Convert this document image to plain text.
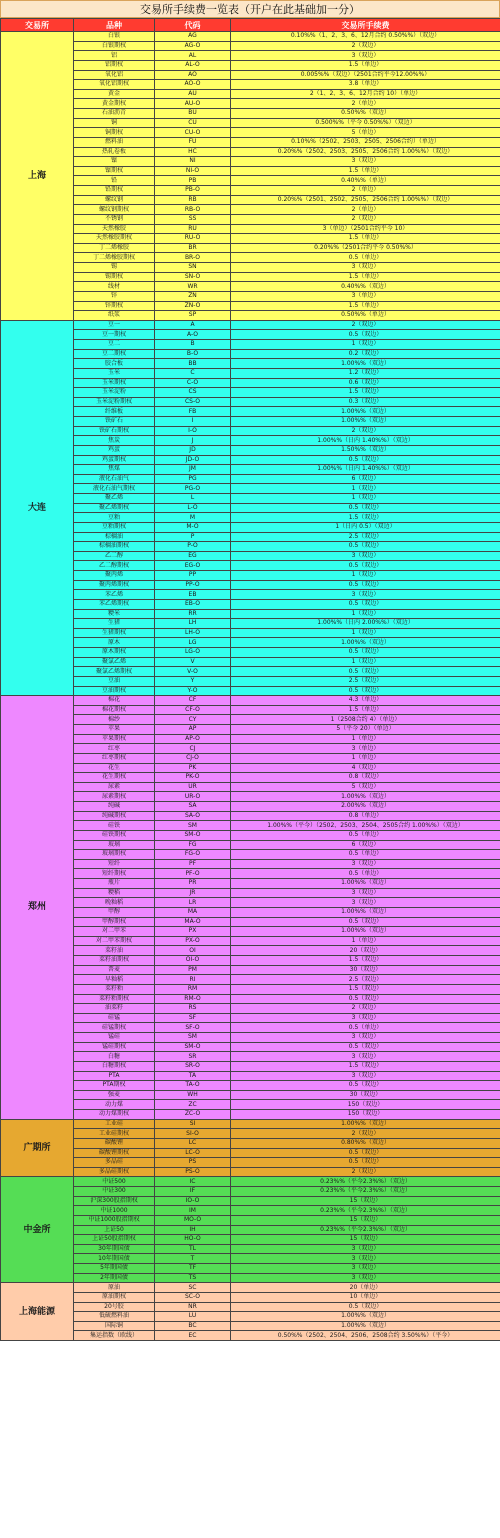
交易所手续费一览表（开户在此基础加一分）
交易所	品种	代码	交易所手续费
上海	白银	AG	0.10%%（1、2、3、6、12月合约 0.50%%）（双边）
	白银期权	AG-O	2（双边）
	铝	AL	3（双边）
	铝期权	AL-O	1.5（单边）
	氧化铝	AO	0.005%%（双边）（2501合约平今12.00%%）
	氧化铝期权	AO-O	3.8（单边）
	黄金	AU	2（1、2、3、6、12月合约 10）（单边）
	黄金期权	AU-O	2（单边）
	石油沥青	BU	0.50%%（双边）
	铜	CU	0.500%%（平今 0.50%%）（双边）
	铜期权	CU-O	5（单边）
	燃料油	FU	0.10%%（2502、2503、2505、2506合约）（单边）
	热轧卷板	HC	0.20%%（2502、2503、2505、2506合约 1.00%%）（双边）
	镍	NI	3（双边）
	镍期权	NI-O	1.5（单边）
	铅	PB	0.40%%（单边）
	铅期权	PB-O	2（单边）
	螺纹钢	RB	0.20%%（2501、2502、2505、2506合约 1.00%%）（双边）
	螺纹钢期权	RB-O	2（单边）
	不锈钢	SS	2（双边）
	天然橡胶	RU	3（单边）（2501合约平今 10）
	天然橡胶期权	RU-O	1.5（单边）
	丁二烯橡胶	BR	0.20%%（2501合约平今 0.50%%）
	丁二烯橡胶期权	BR-O	0.5（单边）
	锡	SN	3（双边）
	锡期权	SN-O	1.5（单边）
	线材	WR	0.40%%（双边）
	锌	ZN	3（单边）
	锌期权	ZN-O	1.5（单边）
	纸浆	SP	0.50%%（单边）
大连	豆一	A	2（双边）
	豆一期权	A-O	0.5（双边）
	豆二	B	1（双边）
	豆二期权	B-O	0.2（双边）
	胶合板	BB	1.00%%（双边）
	玉米	C	1.2（双边）
	玉米期权	C-O	0.6（双边）
	玉米淀粉	CS	1.5（双边）
	玉米淀粉期权	CS-O	0.3（双边）
	纤维板	FB	1.00%%（双边）
	铁矿石	I	1.00%%（双边）
	铁矿石期权	I-O	2（双边）
	焦炭	J	1.00%%（日内 1.40%%）（双边）
	鸡蛋	JD	1.50%%（双边）
	鸡蛋期权	JD-O	0.5（双边）
	焦煤	JM	1.00%%（日内 1.40%%）（双边）
	液化石油气	PG	6（双边）
	液化石油气期权	PG-O	1（双边）
	聚乙烯	L	1（双边）
	聚乙烯期权	L-O	0.5（双边）
	豆粕	M	1.5（双边）
	豆粕期权	M-O	1（日内 0.5）（双边）
	棕榈油	P	2.5（双边）
	棕榈油期权	P-O	0.5（双边）
	乙二醇	EG	3（双边）
	乙二醇期权	EG-O	0.5（双边）
	聚丙烯	PP	1（双边）
	聚丙烯期权	PP-O	0.5（双边）
	苯乙烯	EB	3（双边）
	苯乙烯期权	EB-O	0.5（双边）
	粳米	RR	1（双边）
	生猪	LH	1.00%%（日内 2.00%%）（双边）
	生猪期权	LH-O	1（双边）
	原木	LG	1.00%%（双边）
	原木期权	LG-O	0.5（双边）
	聚氯乙烯	V	1（双边）
	聚氯乙烯期权	V-O	0.5（双边）
	豆油	Y	2.5（双边）
	豆油期权	Y-O	0.5（双边）
郑州	棉花	CF	4.3（单边）
	棉花期权	CF-O	1.5（单边）
	棉纱	CY	1（2508合约 4）（单边）
	苹果	AP	5（平今 20）（单边）
	苹果期权	AP-O	1（单边）
	红枣	CJ	3（单边）
	红枣期权	CJ-O	1（单边）
	花生	PK	4（双边）
	花生期权	PK-O	0.8（双边）
	尿素	UR	5（双边）
	尿素期权	UR-O	1.00%%（双边）
	纯碱	SA	2.00%%（双边）
	纯碱期权	SA-O	0.8（单边）
	硅铁	SM	1.00%%（平今）（2502、2503、2504、2505合约 1.00%%）（双边）
	硅铁期权	SM-O	0.5（单边）
	玻璃	FG	6（双边）
	玻璃期权	FG-O	0.5（单边）
	短纤	PF	3（双边）
	短纤期权	PF-O	0.5（单边）
	瓶片	PR	1.00%%（双边）
	粳稻	JR	3（双边）
	晚籼稻	LR	3（双边）
	甲醇	MA	1.00%%（双边）
	甲醇期权	MA-O	0.5（双边）
	对二甲苯	PX	1.00%%（双边）
	对二甲苯期权	PX-O	1（单边）
	菜籽油	OI	20（双边）
	菜籽油期权	OI-O	1.5（双边）
	普麦	PM	30（双边）
	早籼稻	RI	2.5（双边）
	菜籽粕	RM	1.5（双边）
	菜籽粕期权	RM-O	0.5（双边）
	油菜籽	RS	2（双边）
	硅锰	SF	3（双边）
	硅锰期权	SF-O	0.5（单边）
	锰硅	SM	3（双边）
	锰硅期权	SM-O	0.5（双边）
	白糖	SR	3（双边）
	白糖期权	SR-O	1.5（双边）
	PTA	TA	3（双边）
	PTA期权	TA-O	0.5（双边）
	强麦	WH	30（双边）
	动力煤	ZC	150（双边）
	动力煤期权	ZC-O	150（双边）
广期所	工业硅	SI	1.00%%（双边）
	工业硅期权	SI-O	2（双边）
	碳酸锂	LC	0.80%%（双边）
	碳酸锂期权	LC-O	0.5（双边）
	多晶硅	PS	0.5（双边）
	多晶硅期权	PS-O	2（双边）
中金所	中证500	IC	0.23%%（平今2.3%%）（双边）
	中证300	IF	0.23%%（平今2.3%%）（双边）
	沪深300股指期权	IO-O	15（双边）
	中证1000	IM	0.23%%（平今2.3%%）（双边）
	中证1000股指期权	MO-O	15（双边）
	上证50	IH	0.23%%（平今2.3%%）（双边）
	上证50股指期权	HO-O	15（双边）
	30年期国债	TL	3（双边）
	10年期国债	T	3（双边）
	5年期国债	TF	3（双边）
	2年期国债	TS	3（双边）
上海能源	原油	SC	20（单边）
	原油期权	SC-O	10（单边）
	20号胶	NR	0.5（双边）
	低硫燃料油	LU	1.00%%（双边）
	国际铜	BC	1.00%%（双边）
	集运指数（欧线）	EC	0.50%%（2502、2504、2506、2508合约 3.50%%）（平今）
